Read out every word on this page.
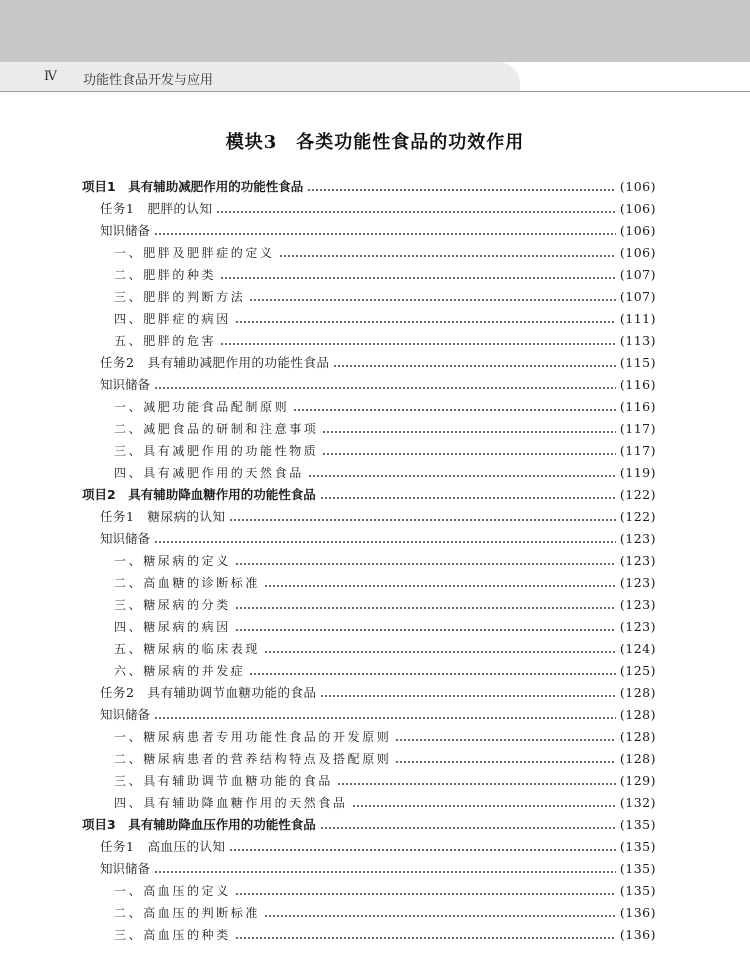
Ⅳ 功能性食品开发与应用
模块3　各类功能性食品的功效作用
项目1　具有辅助减肥作用的功能性食品	(106)
任务1　肥胖的认知	(106)
知识储备	(106)
一、肥胖及肥胖症的定义	(106)
二、肥胖的种类	(107)
三、肥胖的判断方法	(107)
四、肥胖症的病因	(111)
五、肥胖的危害	(113)
任务2　具有辅助减肥作用的功能性食品	(115)
知识储备	(116)
一、减肥功能食品配制原则	(116)
二、减肥食品的研制和注意事项	(117)
三、具有减肥作用的功能性物质	(117)
四、具有减肥作用的天然食品	(119)
项目2　具有辅助降血糖作用的功能性食品	(122)
任务1　糖尿病的认知	(122)
知识储备	(123)
一、糖尿病的定义	(123)
二、高血糖的诊断标准	(123)
三、糖尿病的分类	(123)
四、糖尿病的病因	(123)
五、糖尿病的临床表现	(124)
六、糖尿病的并发症	(125)
任务2　具有辅助调节血糖功能的食品	(128)
知识储备	(128)
一、糖尿病患者专用功能性食品的开发原则	(128)
二、糖尿病患者的营养结构特点及搭配原则	(128)
三、具有辅助调节血糖功能的食品	(129)
四、具有辅助降血糖作用的天然食品	(132)
项目3　具有辅助降血压作用的功能性食品	(135)
任务1　高血压的认知	(135)
知识储备	(135)
一、高血压的定义	(135)
二、高血压的判断标准	(136)
三、高血压的种类	(136)
